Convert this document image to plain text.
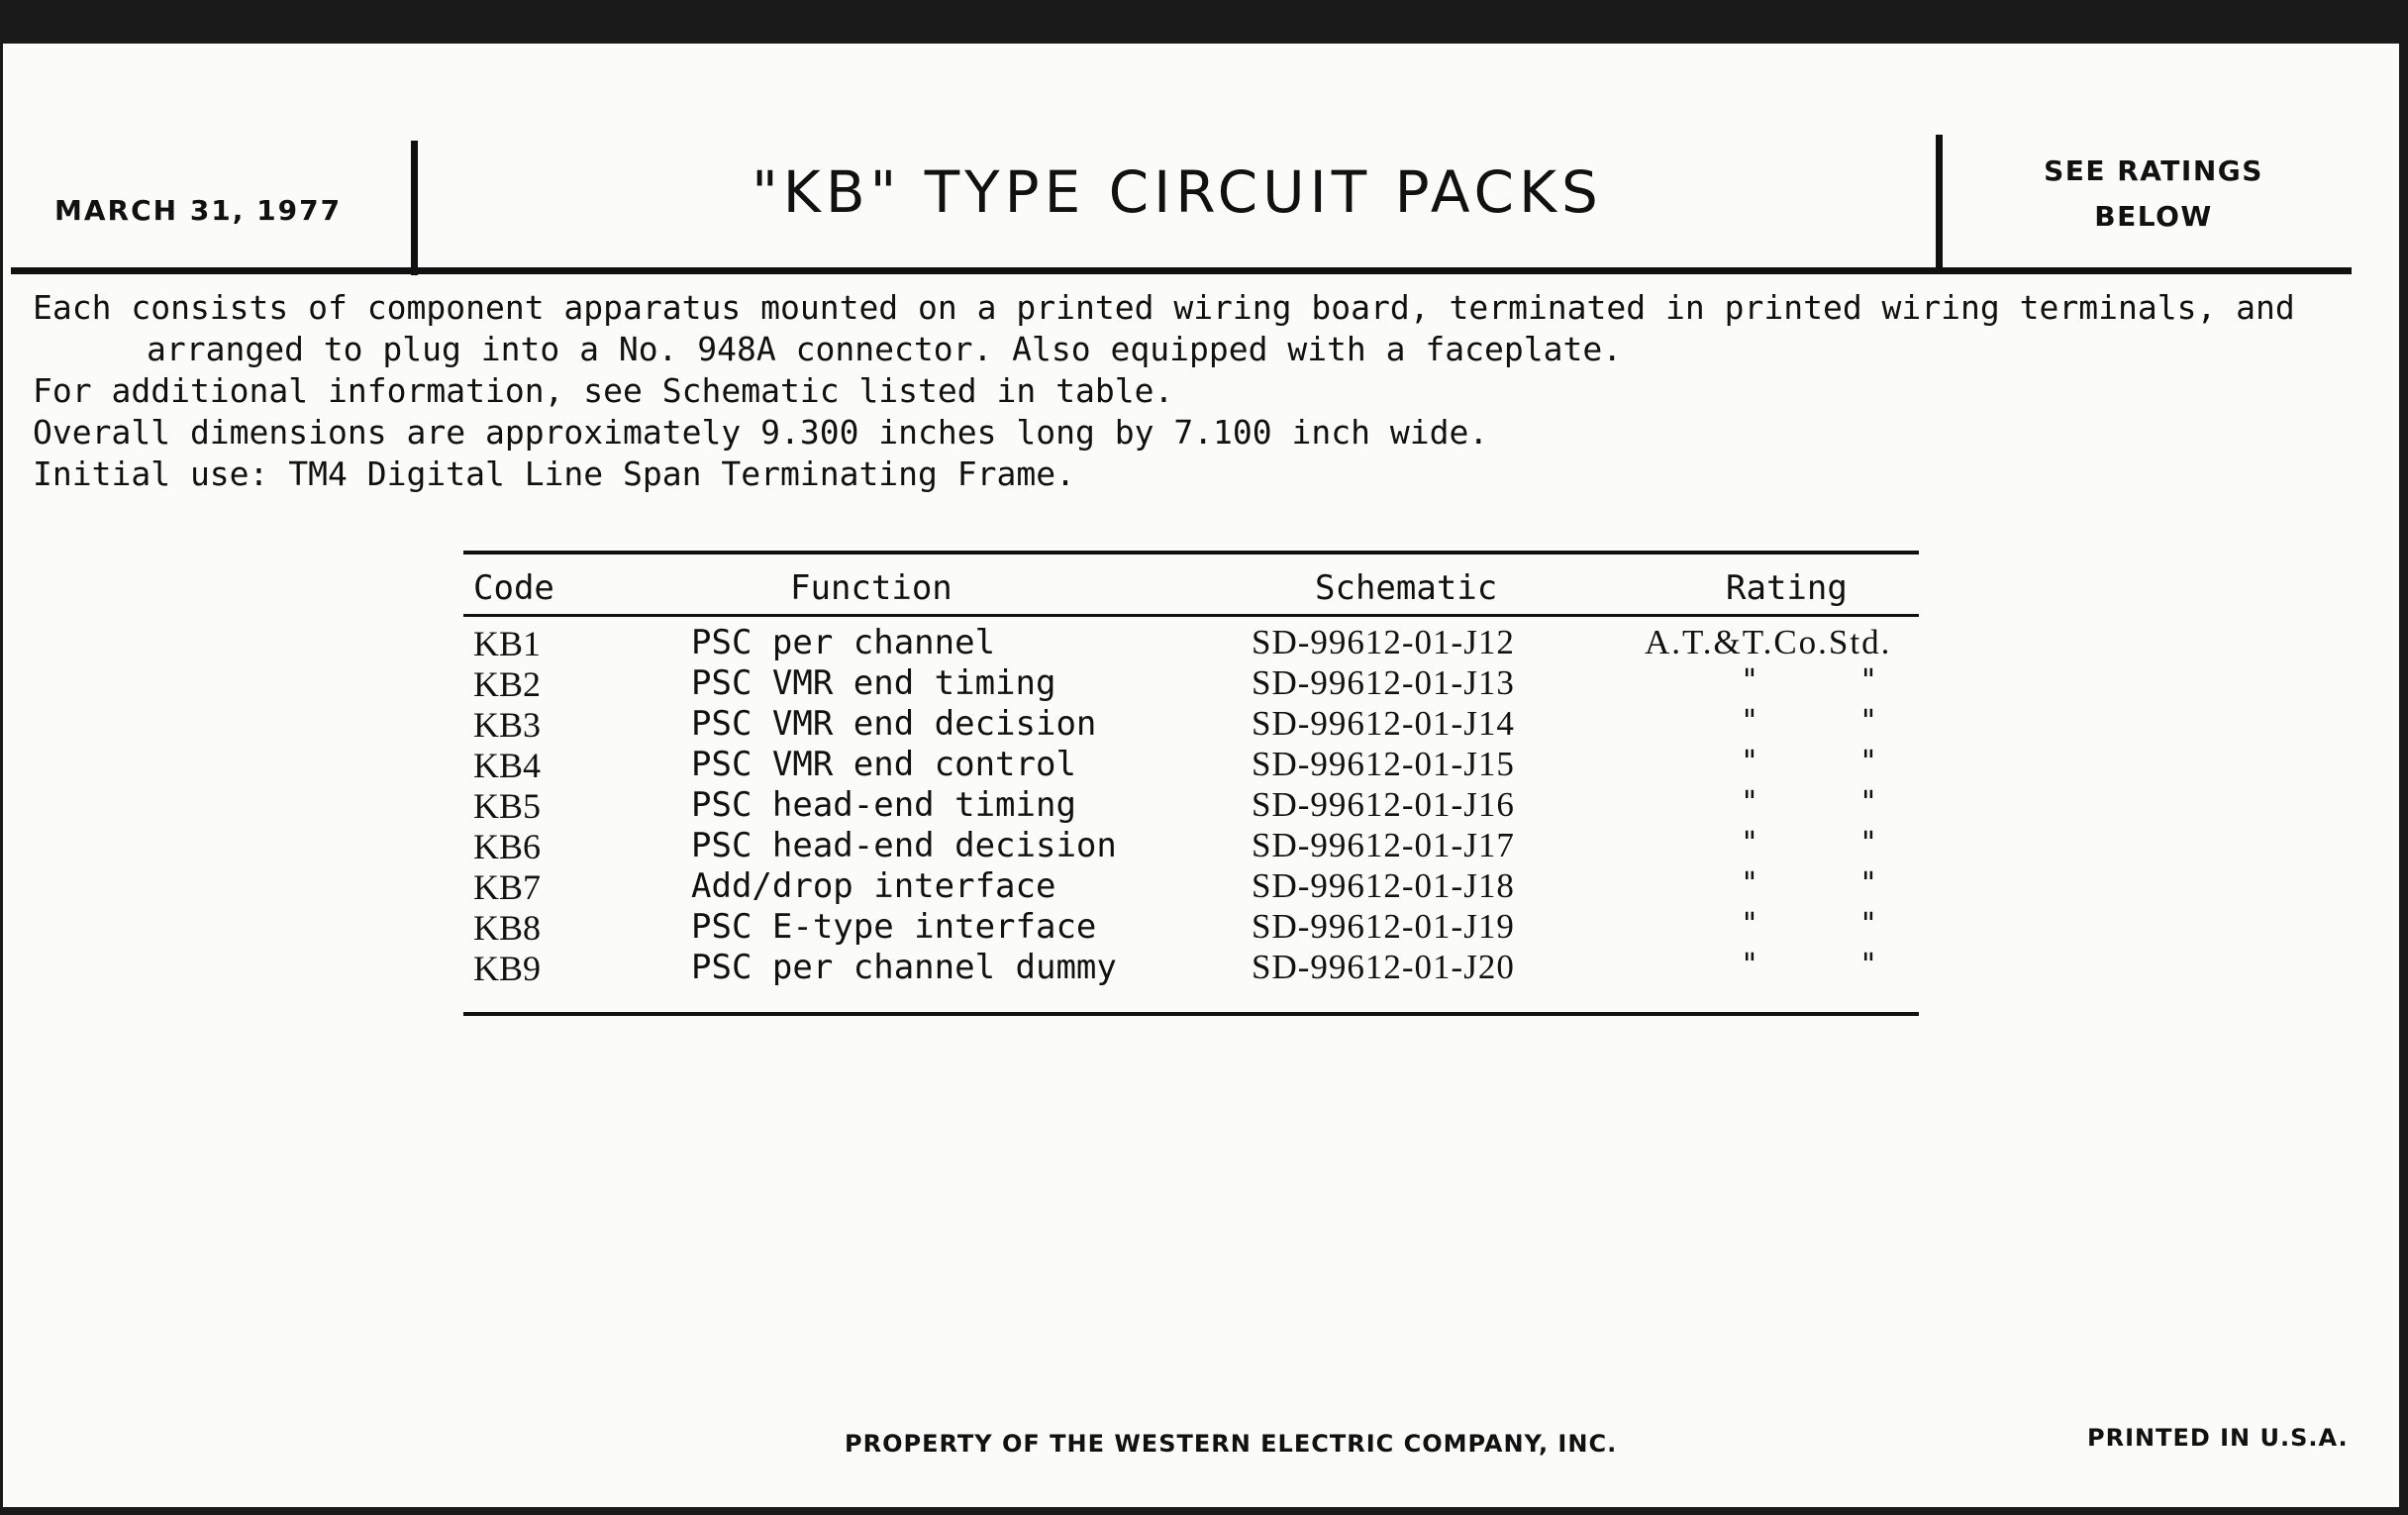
MARCH 31, 1977	"KB" TYPE CIRCUIT PACKS	SEE RATINGS
BELOW
Each consists of component apparatus mounted on a printed wiring board, terminated in printed wiring terminals, and
arranged to plug into a No. 948A connector. Also equipped with a faceplate.
For additional information, see Schematic listed in table.
Overall dimensions are approximately 9.300 inches long by 7.100 inch wide.
Initial use: TM4 Digital Line Span Terminating Frame.
Code	Function	Schematic	Rating
KB1	PSC per channel	SD-99612-01-J12	A.T.&T.Co.Std.
KB2	PSC VMR end timing	SD-99612-01-J13	"	"
KB3	PSC VMR end decision	SD-99612-01-J14	"	"
KB4	PSC VMR end control	SD-99612-01-J15	"	"
KB5	PSC head-end timing	SD-99612-01-J16	"	"
KB6	PSC head-end decision	SD-99612-01-J17	"	"
KB7	Add/drop interface	SD-99612-01-J18	"	"
KB8	PSC E-type interface	SD-99612-01-J19	"	"
KB9	PSC per channel dummy	SD-99612-01-J20	"	"
PROPERTY OF THE WESTERN ELECTRIC COMPANY, INC.	PRINTED IN U.S.A.
